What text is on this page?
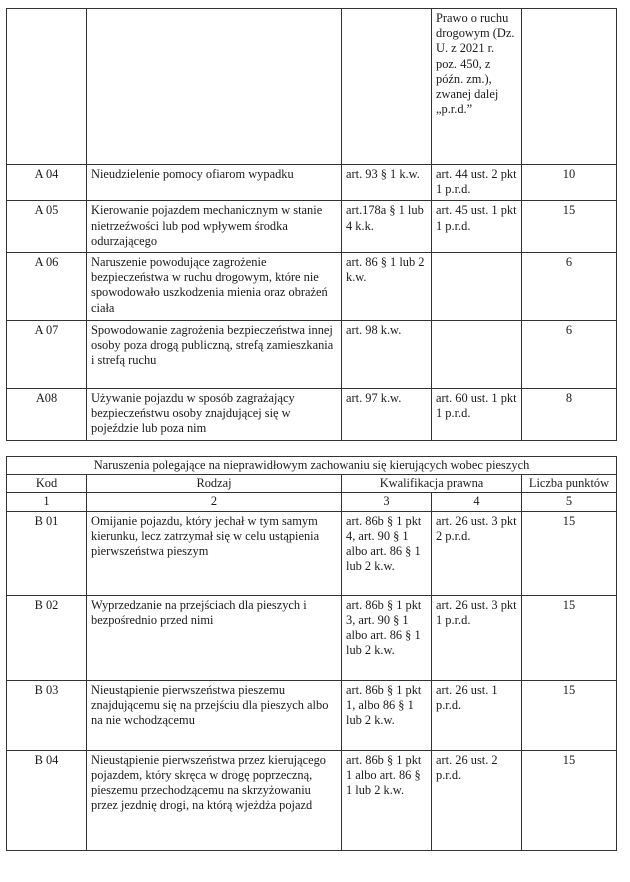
			Prawo o ruchu drogowym (Dz. U. z 2021 r. poz. 450, z późn. zm.), zwanej dalej „p.r.d.”	
A 04	Nieudzielenie pomocy ofiarom wypadku	art. 93 § 1 k.w.	art. 44 ust. 2 pkt 1 p.r.d.	10
A 05	Kierowanie pojazdem mechanicznym w stanie nietrzeźwości lub pod wpływem środka odurzającego	art.178a § 1 lub 4 k.k.	art. 45 ust. 1 pkt 1 p.r.d.	15
A 06	Naruszenie powodujące zagrożenie bezpieczeństwa w ruchu drogowym, które nie spowodowało uszkodzenia mienia oraz obrażeń ciała	art. 86 § 1 lub 2 k.w.		6
A 07	Spowodowanie zagrożenia bezpieczeństwa innej osoby poza drogą publiczną, strefą zamieszkania i strefą ruchu	art. 98 k.w.		6
A08	Używanie pojazdu w sposób zagrażający bezpieczeństwu osoby znajdującej się w pojeździe lub poza nim	art. 97 k.w.	art. 60 ust. 1 pkt 1 p.r.d.	8
Naruszenia polegające na nieprawidłowym zachowaniu się kierujących wobec pieszych				
Kod	Rodzaj	Kwalifikacja prawna		Liczba punktów
1	2	3	4	5
B 01	Omijanie pojazdu, który jechał w tym samym kierunku, lecz zatrzymał się w celu ustąpienia pierwszeństwa pieszym	art. 86b § 1 pkt 4, art. 90 § 1 albo art. 86 § 1 lub 2 k.w.	art. 26 ust. 3 pkt 2 p.r.d.	15
B 02	Wyprzedzanie na przejściach dla pieszych i bezpośrednio przed nimi	art. 86b § 1 pkt 3, art. 90 § 1 albo art. 86 § 1 lub 2 k.w.	art. 26 ust. 3 pkt 1 p.r.d.	15
B 03	Nieustąpienie pierwszeństwa pieszemu znajdującemu się na przejściu dla pieszych albo na nie wchodzącemu	art. 86b § 1 pkt 1, albo 86 § 1 lub 2 k.w.	art. 26 ust. 1 p.r.d.	15
B 04	Nieustąpienie pierwszeństwa przez kierującego pojazdem, który skręca w drogę poprzeczną, pieszemu przechodzącemu na skrzyżowaniu przez jezdnię drogi, na którą wjeżdża pojazd	art. 86b § 1 pkt 1 albo art. 86 § 1 lub 2 k.w.	art. 26 ust. 2 p.r.d.	15
